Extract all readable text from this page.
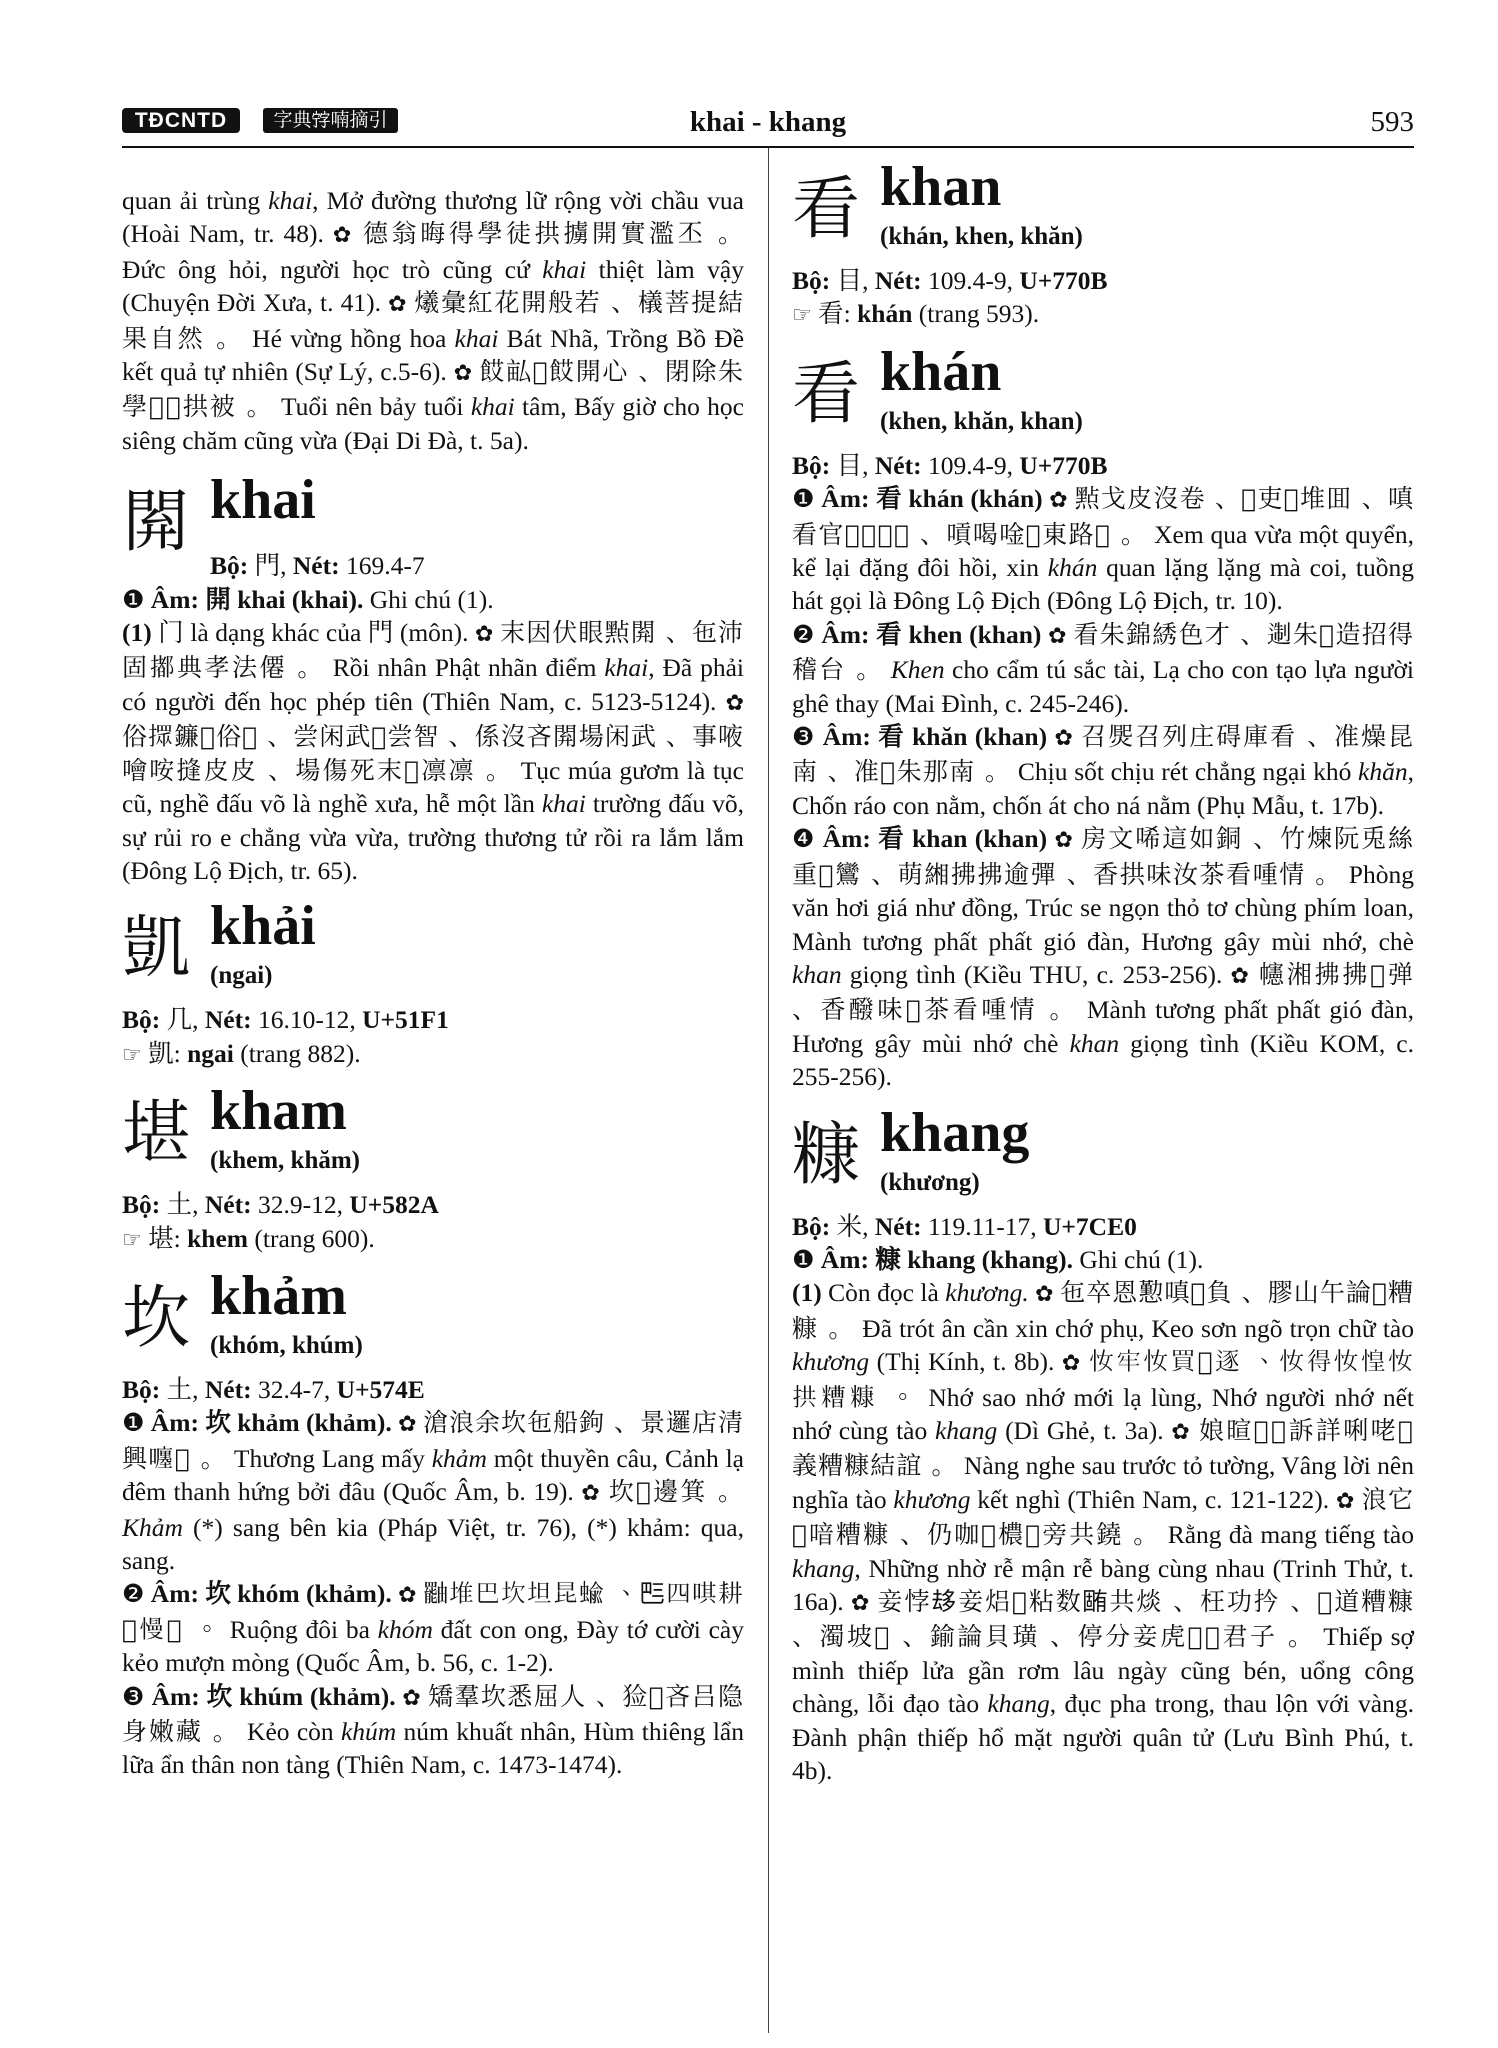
TĐCNTD	字典𡨸喃摘引	khai - khang	593

quan ải trùng khai, Mở đường thương lữ rộng vời chầu vua (Hoài Nam, tr. 48). ✿ 德翁晦得學徒拱擄開實濫丕 。 Đức ông hỏi, người học trò cũng cứ khai thiệt làm vậy (Chuyện Đời Xưa, t. 41). ✿ 爔彙紅花開般若 、檥菩提結果自然 。 Hé vừng hồng hoa khai Bát Nhã, Trồng Bồ Đề kết quả tự nhiên (Sự Lý, c.5-6). ✿ 餀畆𥚯餀開心 、閉除朱學𢙇𢢲拱被 。 Tuổi nên bảy tuổi khai tâm, Bấy giờ cho học siêng chăm cũng vừa (Đại Di Đà, t. 5a).

閞 khai

Bộ: 門, Nét: 169.4-7

❶ Âm: 開 khai (khai). Ghi chú (1).

(1) 门 là dạng khác của 門 (môn). ✿ 末因伏眼㸃閞 、㐌沛固𢵋典孝法僊 。 Rồi nhân Phật nhãn điểm khai, Đã phải có người đến học phép tiên (Thiên Nam, c. 5123-5124). ✿ 俗𢶢鐮𢀨俗𢬣 、尝闲武𢀨尝智 、係沒吝閞場闲武 、事㖡噲咹摓皮皮 、場傷死末𡗉凛凛 。 Tục múa gươm là tục cũ, nghề đấu võ là nghề xưa, hễ một lần khai trường đấu võ, sự rủi ro e chẳng vừa vừa, trường thương tử rồi ra lắm lắm (Đông Lộ Địch, tr. 65).

凱 khải
(ngai)

Bộ: 几, Nét: 16.10-12, U+51F1

☞ 凱: ngai (trang 882).

堪 kham
(khem, khăm)

Bộ: 土, Nét: 32.9-12, U+582A

☞ 堪: khem (trang 600).

坎 khảm
(khóm, khúm)

Bộ: 土, Nét: 32.4-7, U+574E

❶ Âm: 坎 khảm (khảm). ✿ 滄浪余坎㐌船鉤 、景邏店清興𡃚𢚷 。 Thương Lang mấy khảm một thuyền câu, Cảnh lạ đêm thanh hứng bởi đâu (Quốc Âm, b. 19). ✿ 坎𨖲邊箕 。 Khảm (*) sang bên kia (Pháp Việt, tr. 76), (*) khảm: qua, sang.

❷ Âm: 坎 khóm (khảm). ✿ 𤳷堆巴坎坦昆蝓 、𠀧四唭耕𢬣慢𦗚 。 Ruộng đôi ba khóm đất con ong, Đày tớ cười cày kẻo mượn mòng (Quốc Âm, b. 56, c. 1-2).

❸ Âm: 坎 khúm (khảm). ✿ 矯羣坎悉屈人 、猃𠸗吝吕隐身嫩藏 。 Kẻo còn khúm núm khuất nhân, Hùm thiêng lẩn lữa ẩn thân non tàng (Thiên Nam, c. 1473-1474).

看 khan
(khán, khen, khăn)

Bộ: 目, Nét: 109.4-9, U+770B

☞ 看: khán (trang 593).

看 khán
(khen, khăn, khan)

Bộ: 目, Nét: 109.4-9, U+770B

❶ Âm: 看 khán (khán) ✿ 㸃戈皮沒卷 、𠳚吏𨖅堆囬 、嗔看官𢺺𢺺𢈱𥇹 、嗊喝唫𢀨東路𨔈 。 Xem qua vừa một quyển, kể lại đặng đôi hồi, xin khán quan lặng lặng mà coi, tuồng hát gọi là Đông Lộ Địch (Đông Lộ Địch, tr. 10).

❷ Âm: 看 khen (khan) ✿ 看朱錦綉色才 、𨔈朱𣊾造招得稽台 。 Khen cho cẩm tú sắc tài, Lạ cho con tạo lựa người ghê thay (Mai Đình, c. 245-246).

❸ Âm: 看 khăn (khan) ✿ 召㷗召列庄碍庫看 、准燥昆南 、准𣸵朱那南 。 Chịu sốt chịu rét chẳng ngại khó khăn, Chốn ráo con nằm, chốn át cho ná nằm (Phụ Mẫu, t. 17b).

❹ Âm: 看 khan (khan) ✿ 房文唏這如銅 、竹煉阮兎絲重𣘃鸞 、萌緗拂拂逾彈 、香拱味汝茶看喠情 。 Phòng văn hơi giá như đồng, Trúc se ngọn thỏ tơ chùng phím loan, Mành tương phất phất gió đàn, Hương gây mùi nhớ, chè khan giọng tình (Kiều THU, c. 253-256). ✿ 幰湘拂拂𩙌弹 、香醱味𢖵茶看喠情 。 Mành tương phất phất gió đàn, Hương gây mùi nhớ chè khan giọng tình (Kiều KOM, c. 255-256).

糠 khang
(khương)

Bộ: 米, Nét: 119.11-17, U+7CE0

❶ Âm: 糠 khang (khang). Ghi chú (1).

(1) Còn đọc là khương. ✿ 㐌卒恩懃嗔𢫟負 、膠山午論𢪀糟糠 。 Đã trót ân cần xin chớ phụ, Keo sơn ngõ trọn chữ tào khương (Thị Kính, t. 8b). ✿ 𢖵牢𢖵買𨕭逐 、𢖵得𢖵惶𢖵拱糟糠 。 Nhớ sao nhớ mới lạ lùng, Nhớ người nhớ nết nhớ cùng tào khang (Dì Ghẻ, t. 3a). ✿ 娘暄𨎠𨋣訴詳唎咾𩈘義糟糠結誼 。 Nàng nghe sau trước tỏ tường, Vâng lời nên nghĩa tào khương kết nghì (Thiên Nam, c. 121-122). ✿ 浪它𢪀喑糟糠 、仍咖𣳔檂𣳔旁共鐃 。 Rằng đà mang tiếng tào khang, Những nhờ rễ mận rễ bàng cùng nhau (Trinh Thử, t. 16a). ✿ 妾悖𠫾妾焒𣇜粘数𣎏共㷋 、枉功扲 、𩈘道糟糠 、濁坡𨐅 、鍮論貝璜 、停分妾虎𩈘𢵋君子 。 Thiếp sợ mình thiếp lửa gần rơm lâu ngày cũng bén, uổng công chàng, lỗi đạo tào khang, đục pha trong, thau lộn với vàng. Đành phận thiếp hổ mặt người quân tử (Lưu Bình Phú, t. 4b).
